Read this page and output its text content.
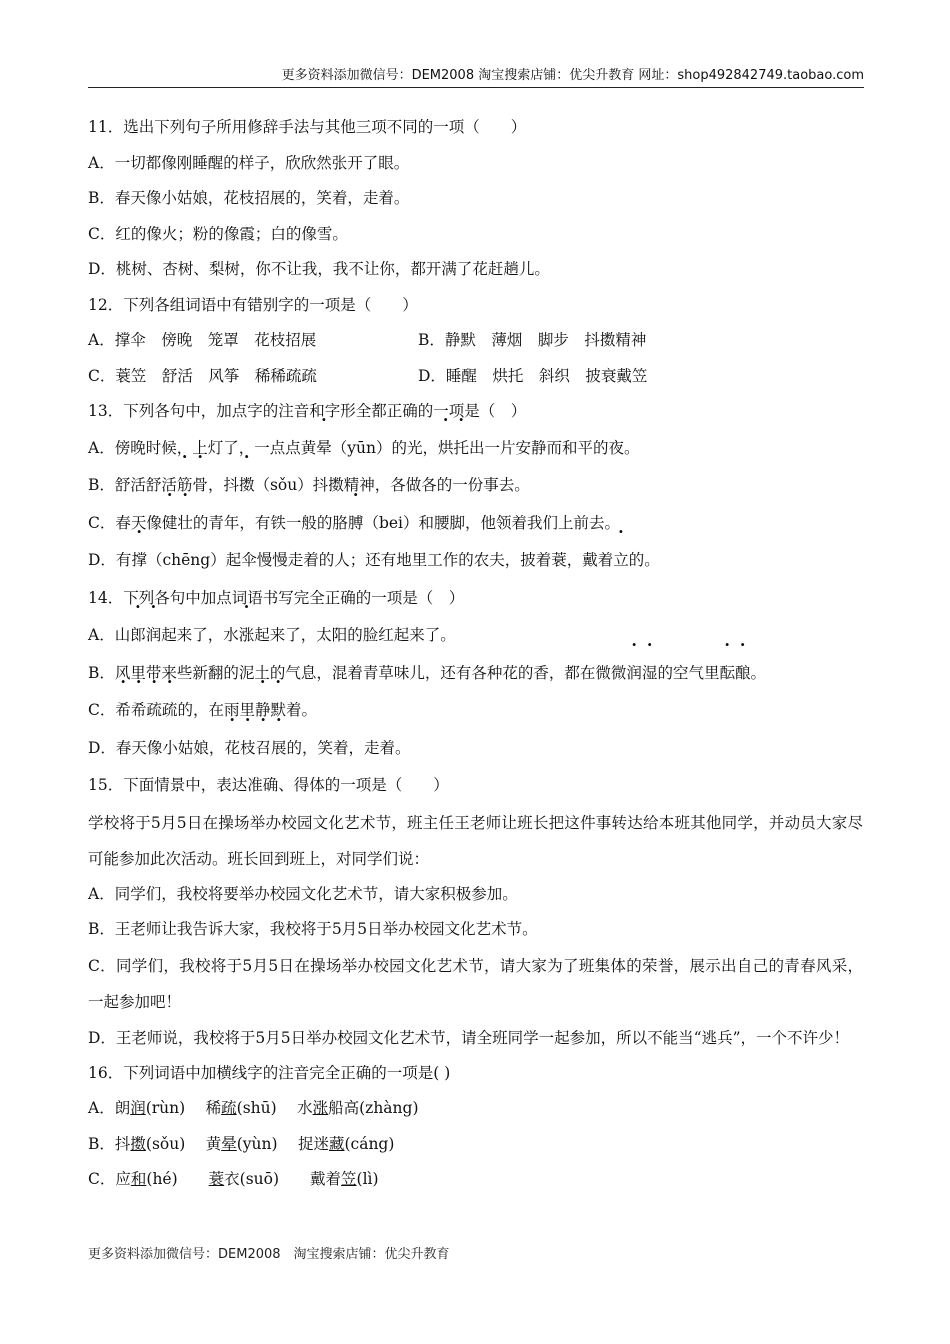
更多资料添加微信号：DEM2008 淘宝搜索店铺：优尖升教育 网址：shop492842749.taobao.com
11．选出下列句子所用修辞手法与其他三项不同的一项（　　）
A．一切都像刚睡醒的样子，欣欣然张开了眼。
B．春天像小姑娘，花枝招展的，笑着，走着。
C．红的像火；粉的像霞；白的像雪。
D．桃树、杏树、梨树，你不让我，我不让你，都开满了花赶趟儿。
12．下列各组词语中有错别字的一项是（　　）
A．撑伞　傍晚　笼罩　花枝招展	B．静默　薄烟　脚步　抖擞精神
C．蓑笠　舒活　风筝　稀稀疏疏	D．睡醒　烘托　斜织　披衰戴笠
13．下列各句中，加点字的注音和字形全都正确的一项是（　）
A．傍晚时候，上灯了，一点点黄晕（yūn）的光，烘托出一片安静而和平的夜。
B．舒活舒活筋骨，抖擞（sǒu）抖擞精神，各做各的一份事去。
C．春天像健壮的青年，有铁一般的胳膊（bei）和腰脚，他领着我们上前去。
D．有撑（chēng）起伞慢慢走着的人；还有地里工作的农夫，披着蓑，戴着立的。
14．下列各句中加点词语书写完全正确的一项是（　）
A．山郎润起来了，水涨起来了，太阳的脸红起来了。
B．风里带来些新翻的泥土的气息，混着青草味儿，还有各种花的香，都在微微润湿的空气里酝酿。
C．希希疏疏的，在雨里静默着。
D．春天像小姑娘，花枝召展的，笑着，走着。
15．下面情景中，表达准确、得体的一项是（　　）
学校将于5月5日在操场举办校园文化艺术节，班主任王老师让班长把这件事转达给本班其他同学，并动员大家尽可能参加此次活动。班长回到班上，对同学们说：
A．同学们，我校将要举办校园文化艺术节，请大家积极参加。
B．王老师让我告诉大家，我校将于5月5日举办校园文化艺术节。
C．同学们，我校将于5月5日在操场举办校园文化艺术节，请大家为了班集体的荣誉，展示出自己的青春风采，一起参加吧！
D．王老师说，我校将于5月5日举办校园文化艺术节，请全班同学一起参加，所以不能当“逃兵”，一个不许少！
16．下列词语中加横线字的注音完全正确的一项是( )
A．朗润(rùn)　 稀疏(shū)　 水涨船高(zhàng)
B．抖擞(sǒu)　 黄晕(yùn)　 捉迷藏(cáng)
C．应和(hé)　　蓑衣(suō)　　戴着笠(lì)
更多资料添加微信号：DEM2008　淘宝搜索店铺：优尖升教育
